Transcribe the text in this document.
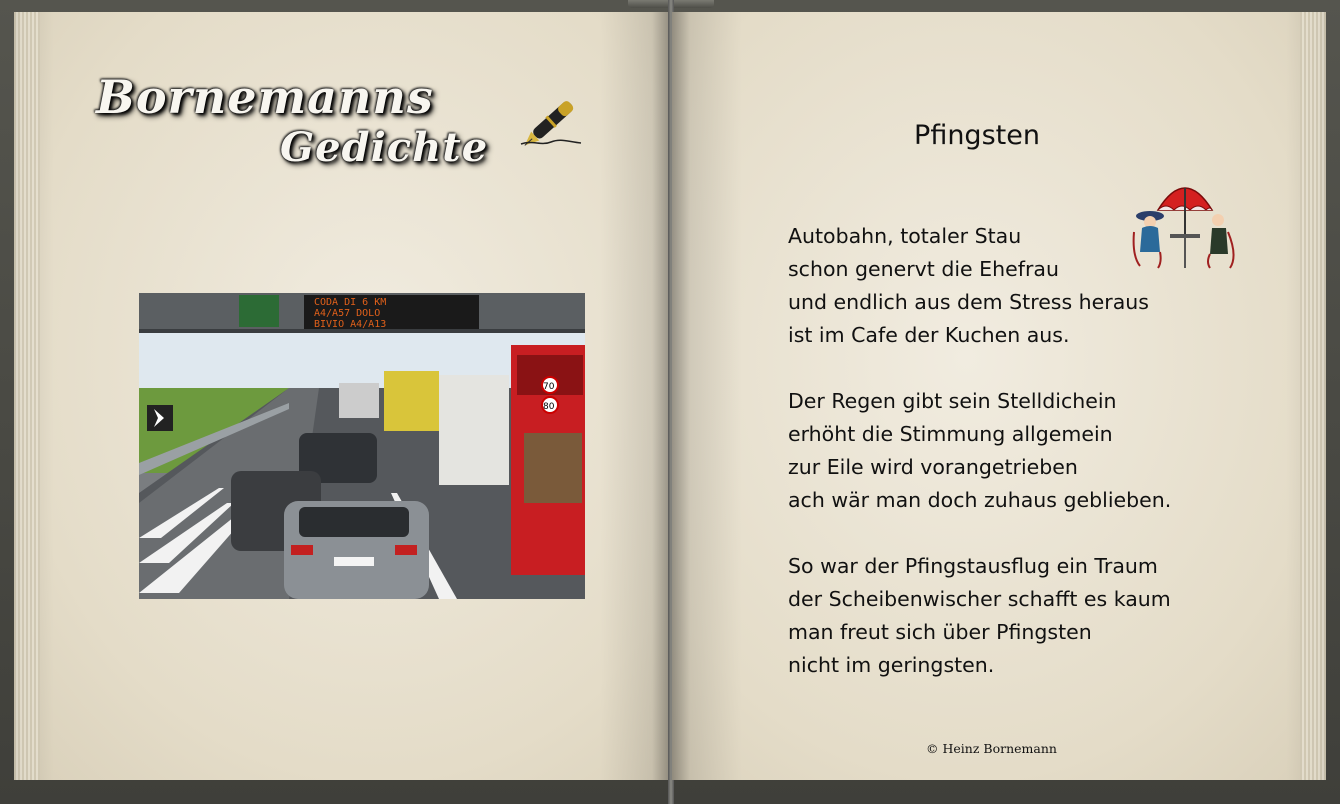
Bornemanns
Gedichte
CODA DI 6 KM
A4/A57 DOLO
BIVIO A4/A13
70
80
Pfingsten
Autobahn, totaler Stau
schon genervt die Ehefrau
und endlich aus dem Stress heraus
ist im Cafe der Kuchen aus.
Der Regen gibt sein Stelldichein
erhöht die Stimmung allgemein
zur Eile wird vorangetrieben
ach wär man doch zuhaus geblieben.
So war der Pfingstausflug ein Traum
der Scheibenwischer schafft es kaum
man freut sich über Pfingsten
nicht im geringsten.
© Heinz Bornemann
